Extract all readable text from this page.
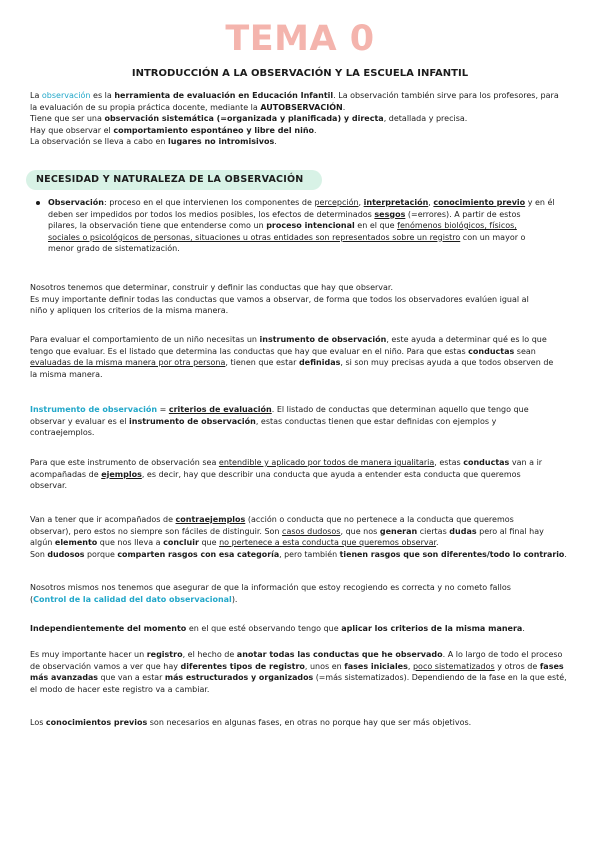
TEMA 0
INTRODUCCIÓN A LA OBSERVACIÓN Y LA ESCUELA INFANTIL
La observación es la herramienta de evaluación en Educación Infantil. La observación también sirve para los profesores, para
la evaluación de su propia práctica docente, mediante la AUTOBSERVACIÓN.
Tiene que ser una observación sistemática (=organizada y planificada) y directa, detallada y precisa.
Hay que observar el comportamiento espontáneo y libre del niño.
La observación se lleva a cabo en lugares no intromisivos.
NECESIDAD Y NATURALEZA DE LA OBSERVACIÓN
Observación: proceso en el que intervienen los componentes de percepción, interpretación, conocimiento previo y en él
deben ser impedidos por todos los medios posibles, los efectos de determinados sesgos (=errores). A partir de estos
pilares, la observación tiene que entenderse como un proceso intencional en el que fenómenos biológicos, físicos,
sociales o psicológicos de personas, situaciones u otras entidades son representados sobre un registro con un mayor o
menor grado de sistematización.
Nosotros tenemos que determinar, construir y definir las conductas que hay que observar.
Es muy importante definir todas las conductas que vamos a observar, de forma que todos los observadores evalúen igual al
niño y apliquen los criterios de la misma manera.
Para evaluar el comportamiento de un niño necesitas un instrumento de observación, este ayuda a determinar qué es lo que
tengo que evaluar. Es el listado que determina las conductas que hay que evaluar en el niño. Para que estas conductas sean
evaluadas de la misma manera por otra persona, tienen que estar definidas, si son muy precisas ayuda a que todos observen de
la misma manera.
Instrumento de observación = criterios de evaluación. El listado de conductas que determinan aquello que tengo que
observar y evaluar es el instrumento de observación, estas conductas tienen que estar definidas con ejemplos y
contraejemplos.
Para que este instrumento de observación sea entendible y aplicado por todos de manera igualitaria, estas conductas van a ir
acompañadas de ejemplos, es decir, hay que describir una conducta que ayuda a entender esta conducta que queremos
observar.
Van a tener que ir acompañados de contraejemplos (acción o conducta que no pertenece a la conducta que queremos
observar), pero estos no siempre son fáciles de distinguir. Son casos dudosos, que nos generan ciertas dudas pero al final hay
algún elemento que nos lleva a concluir que no pertenece a esta conducta que queremos observar.
Son dudosos porque comparten rasgos con esa categoría, pero también tienen rasgos que son diferentes/todo lo contrario.
Nosotros mismos nos tenemos que asegurar de que la información que estoy recogiendo es correcta y no cometo fallos
(Control de la calidad del dato observacional).
Independientemente del momento en el que esté observando tengo que aplicar los criterios de la misma manera.
Es muy importante hacer un registro, el hecho de anotar todas las conductas que he observado. A lo largo de todo el proceso
de observación vamos a ver que hay diferentes tipos de registro, unos en fases iniciales, poco sistematizados y otros de fases
más avanzadas que van a estar más estructurados y organizados (=más sistematizados). Dependiendo de la fase en la que esté,
el modo de hacer este registro va a cambiar.
Los conocimientos previos son necesarios en algunas fases, en otras no porque hay que ser más objetivos.
